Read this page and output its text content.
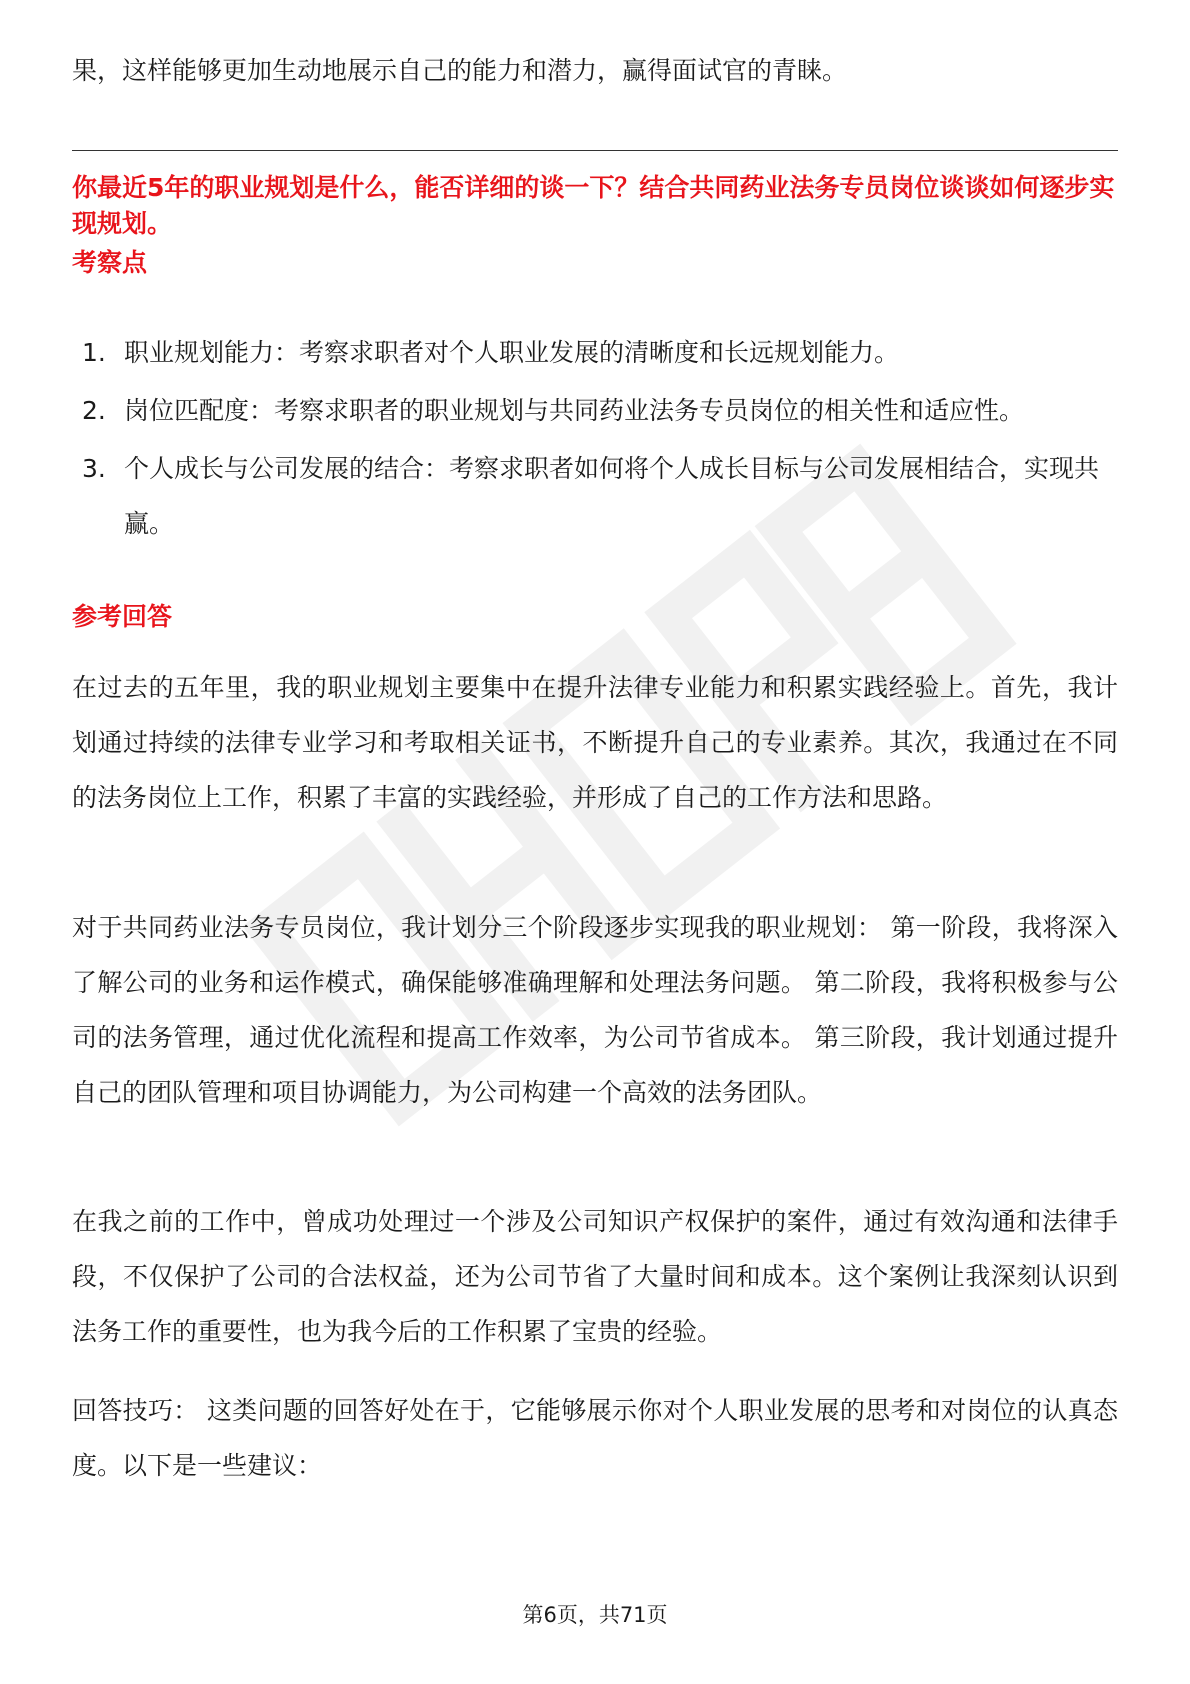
果，这样能够更加生动地展示自己的能力和潜力，赢得面试官的青睐。

你最近5年的职业规划是什么，能否详细的谈一下？结合共同药业法务专员岗位谈谈如何逐步实现规划。

考察点
1. 职业规划能力：考察求职者对个人职业发展的清晰度和长远规划能力。
2. 岗位匹配度：考察求职者的职业规划与共同药业法务专员岗位的相关性和适应性。
3. 个人成长与公司发展的结合：考察求职者如何将个人成长目标与公司发展相结合，实现共赢。
参考回答

在过去的五年里，我的职业规划主要集中在提升法律专业能力和积累实践经验上。首先，我计划通过持续的法律专业学习和考取相关证书，不断提升自己的专业素养。其次，我通过在不同的法务岗位上工作，积累了丰富的实践经验，并形成了自己的工作方法和思路。

对于共同药业法务专员岗位，我计划分三个阶段逐步实现我的职业规划： 第一阶段，我将深入了解公司的业务和运作模式，确保能够准确理解和处理法务问题。 第二阶段，我将积极参与公司的法务管理，通过优化流程和提高工作效率，为公司节省成本。 第三阶段，我计划通过提升自己的团队管理和项目协调能力，为公司构建一个高效的法务团队。

在我之前的工作中，曾成功处理过一个涉及公司知识产权保护的案件，通过有效沟通和法律手段，不仅保护了公司的合法权益，还为公司节省了大量时间和成本。这个案例让我深刻认识到法务工作的重要性，也为我今后的工作积累了宝贵的经验。

回答技巧： 这类问题的回答好处在于，它能够展示你对个人职业发展的思考和对岗位的认真态度。以下是一些建议：

第6页，共71页
